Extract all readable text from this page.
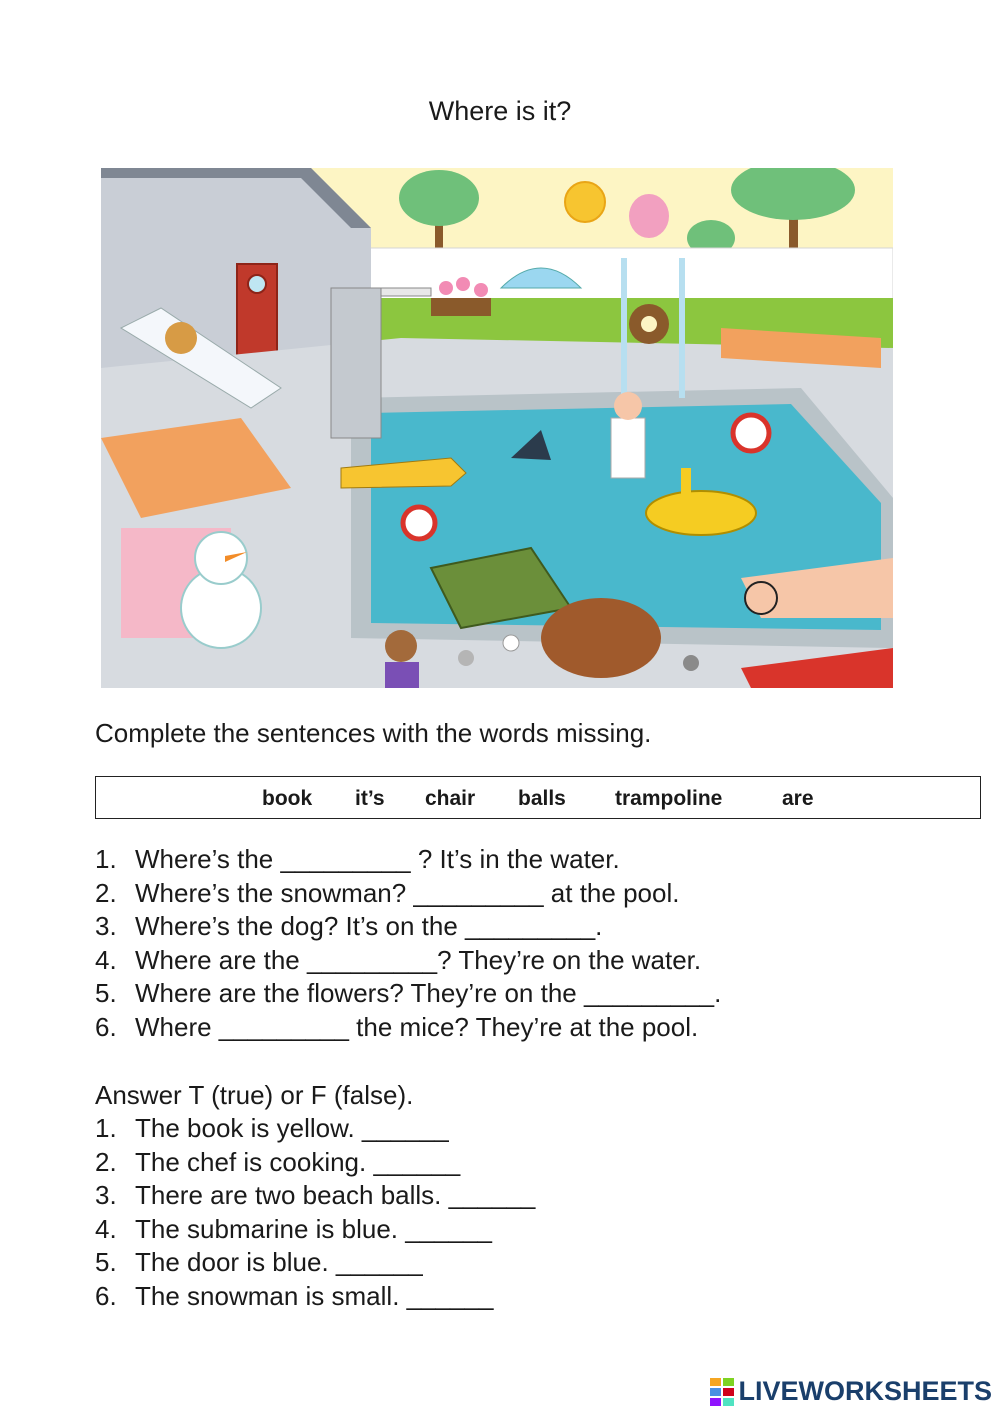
Where is it?
Complete the sentences with the words missing.
book it’s chair balls trampoline	are
1. Where’s the _________ ? It’s in the water.
2. Where’s the snowman? _________ at the pool.
3. Where’s the dog? It’s on the _________.
4. Where are the _________? They’re on the water.
5. Where are the flowers? They’re on the _________.
6. Where _________ the mice? They’re at the pool.
Answer T (true) or F (false).
1. The book is yellow. ______
2. The chef is cooking. ______
3. There are two beach balls. ______
4. The submarine is blue. ______
5. The door is blue. ______
6. The snowman is small. ______
LIVEWORKSHEETS
